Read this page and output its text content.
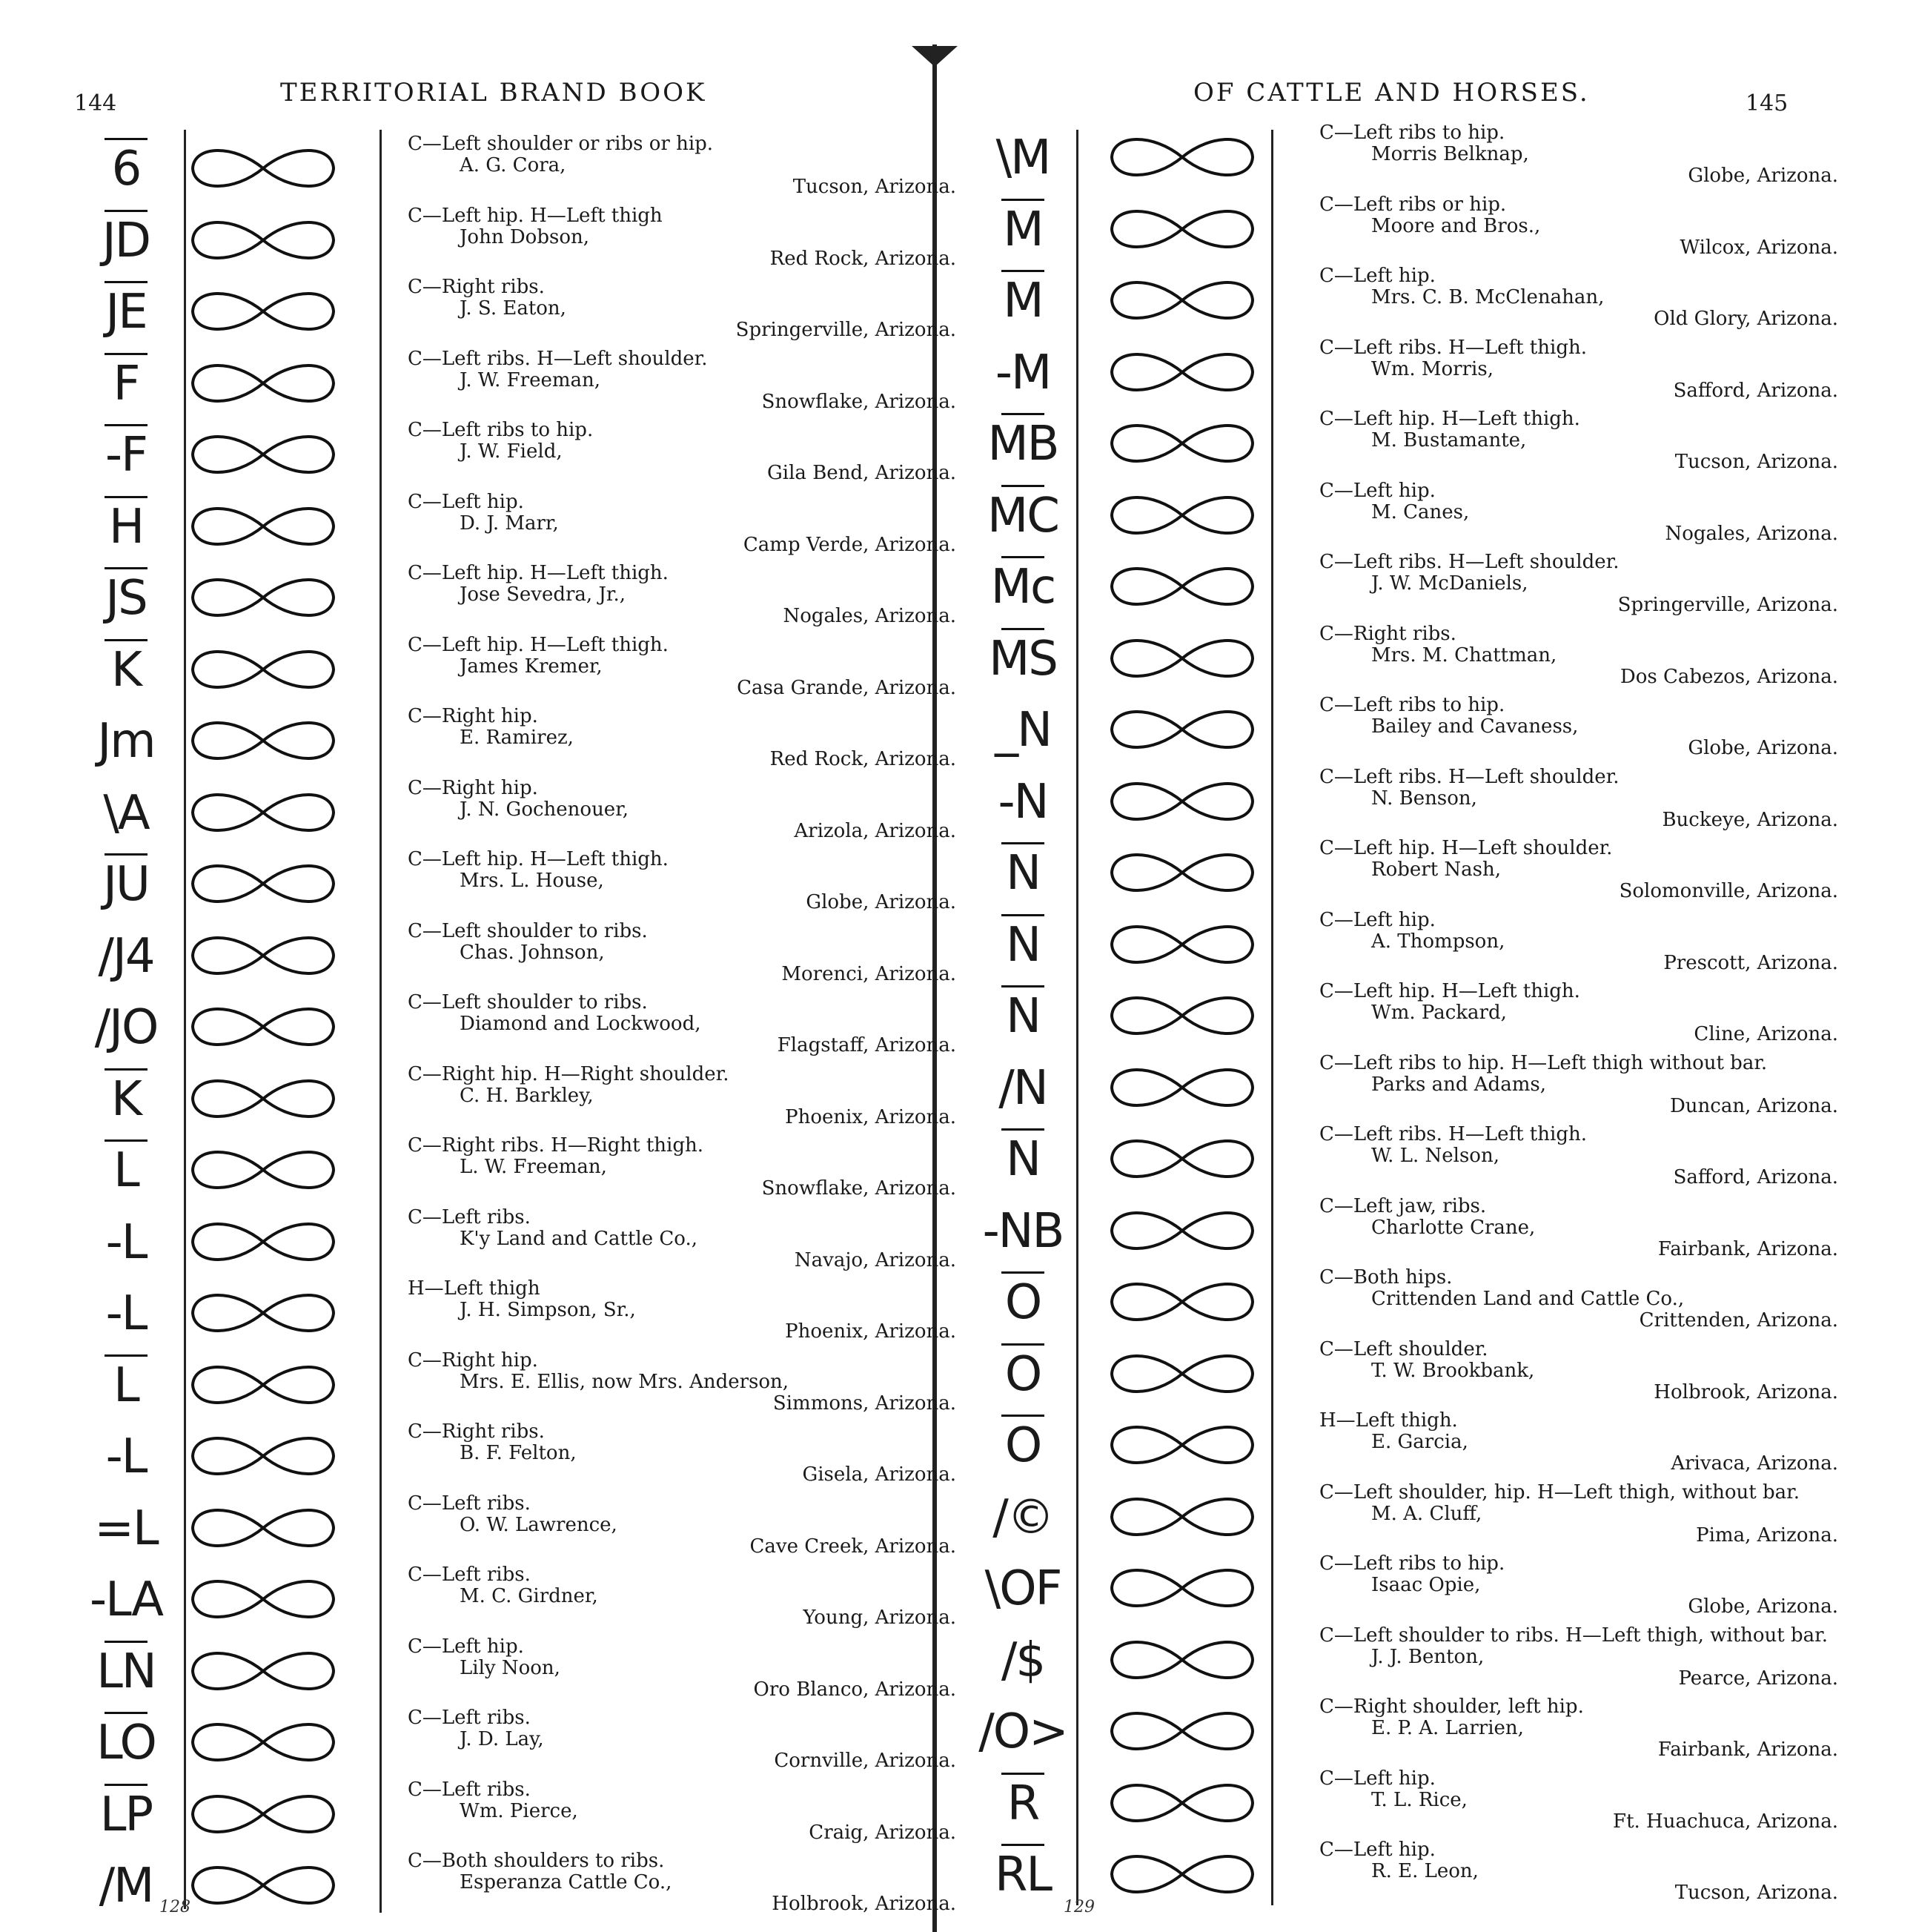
144	TERRITORIAL BRAND BOOK
6	C—Left shoulder or ribs or hip.
A. G. Cora,
Tucson, Arizona.
JD	C—Left hip. H—Left thigh
John Dobson,
Red Rock, Arizona.
JE	C—Right ribs.
J. S. Eaton,
Springerville, Arizona.
F	C—Left ribs. H—Left shoulder.
J. W. Freeman,
Snowflake, Arizona.
-F	C—Left ribs to hip.
J. W. Field,
Gila Bend, Arizona.
H	C—Left hip.
D. J. Marr,
Camp Verde, Arizona.
JS	C—Left hip. H—Left thigh.
Jose Sevedra, Jr.,
Nogales, Arizona.
K	C—Left hip. H—Left thigh.
James Kremer,
Casa Grande, Arizona.
Jm	C—Right hip.
E. Ramirez,
Red Rock, Arizona.
\A	C—Right hip.
J. N. Gochenouer,
Arizola, Arizona.
JU	C—Left hip. H—Left thigh.
Mrs. L. House,
Globe, Arizona.
/J4	C—Left shoulder to ribs.
Chas. Johnson,
Morenci, Arizona.
/JO	C—Left shoulder to ribs.
Diamond and Lockwood,
Flagstaff, Arizona.
K	C—Right hip. H—Right shoulder.
C. H. Barkley,
Phoenix, Arizona.
L	C—Right ribs. H—Right thigh.
L. W. Freeman,
Snowflake, Arizona.
-L	C—Left ribs.
K'y Land and Cattle Co.,
Navajo, Arizona.
-L	H—Left thigh
J. H. Simpson, Sr.,
Phoenix, Arizona.
L	C—Right hip.
Mrs. E. Ellis, now Mrs. Anderson,
Simmons, Arizona.
-L	C—Right ribs.
B. F. Felton,
Gisela, Arizona.
=L	C—Left ribs.
O. W. Lawrence,
Cave Creek, Arizona.
-LA	C—Left ribs.
M. C. Girdner,
Young, Arizona.
LN	C—Left hip.
Lily Noon,
Oro Blanco, Arizona.
LO	C—Left ribs.
J. D. Lay,
Cornville, Arizona.
LP	C—Left ribs.
Wm. Pierce,
Craig, Arizona.
/M	C—Both shoulders to ribs.
Esperanza Cattle Co.,
Holbrook, Arizona.
128
OF CATTLE AND HORSES.	145
\M	C—Left ribs to hip.
Morris Belknap,
Globe, Arizona.
M	C—Left ribs or hip.
Moore and Bros.,
Wilcox, Arizona.
M	C—Left hip.
Mrs. C. B. McClenahan,
Old Glory, Arizona.
-M	C—Left ribs. H—Left thigh.
Wm. Morris,
Safford, Arizona.
MB	C—Left hip. H—Left thigh.
M. Bustamante,
Tucson, Arizona.
MC	C—Left hip.
M. Canes,
Nogales, Arizona.
Mc	C—Left ribs. H—Left shoulder.
J. W. McDaniels,
Springerville, Arizona.
MS	C—Right ribs.
Mrs. M. Chattman,
Dos Cabezos, Arizona.
_N	C—Left ribs to hip.
Bailey and Cavaness,
Globe, Arizona.
-N	C—Left ribs. H—Left shoulder.
N. Benson,
Buckeye, Arizona.
N	C—Left hip. H—Left shoulder.
Robert Nash,
Solomonville, Arizona.
N	C—Left hip.
A. Thompson,
Prescott, Arizona.
N	C—Left hip. H—Left thigh.
Wm. Packard,
Cline, Arizona.
/N	C—Left ribs to hip. H—Left thigh without bar.
Parks and Adams,
Duncan, Arizona.
N	C—Left ribs. H—Left thigh.
W. L. Nelson,
Safford, Arizona.
-NB	C—Left jaw, ribs.
Charlotte Crane,
Fairbank, Arizona.
O	C—Both hips.
Crittenden Land and Cattle Co.,
Crittenden, Arizona.
O	C—Left shoulder.
T. W. Brookbank,
Holbrook, Arizona.
O	H—Left thigh.
E. Garcia,
Arivaca, Arizona.
/©	C—Left shoulder, hip. H—Left thigh, without bar.
M. A. Cluff,
Pima, Arizona.
\OF	C—Left ribs to hip.
Isaac Opie,
Globe, Arizona.
/$	C—Left shoulder to ribs. H—Left thigh, without bar.
J. J. Benton,
Pearce, Arizona.
/O>	C—Right shoulder, left hip.
E. P. A. Larrien,
Fairbank, Arizona.
R	C—Left hip.
T. L. Rice,
Ft. Huachuca, Arizona.
RL	C—Left hip.
R. E. Leon,
Tucson, Arizona.
129
